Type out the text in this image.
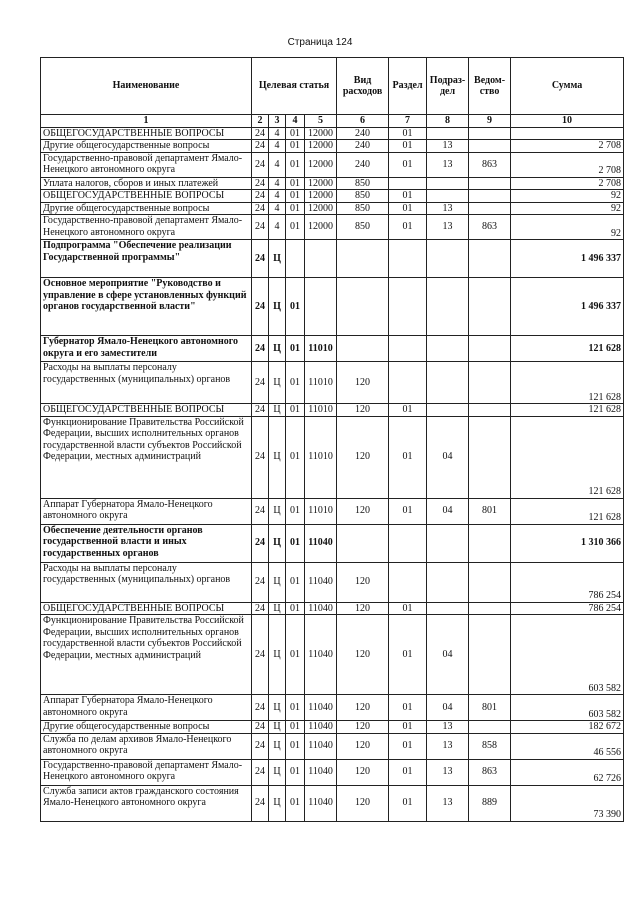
Страница 124
Наименование	Целевая статья				Вид расходов	Раздел	Подраз-дел	Ведом-ство	Сумма
1	2	3	4	5	6	7	8	9	10
ОБЩЕГОСУДАРСТВЕННЫЕ ВОПРОСЫ	24	4	01	12000	240	01			
Другие общегосударственные вопросы	24	4	01	12000	240	01	13		2 708
Государственно-правовой департамент Ямало-Ненецкого автономного округа	24	4	01	12000	240	01	13	863	2 708
Уплата налогов, сборов и иных платежей	24	4	01	12000	850				2 708
ОБЩЕГОСУДАРСТВЕННЫЕ ВОПРОСЫ	24	4	01	12000	850	01			92
Другие общегосударственные вопросы	24	4	01	12000	850	01	13		92
Государственно-правовой департамент Ямало-Ненецкого автономного округа	24	4	01	12000	850	01	13	863	92
Подпрограмма "Обеспечение реализации Государственной программы"	24	Ц							1 496 337
Основное мероприятие "Руководство и управление в сфере установленных функций органов государственной власти"	24	Ц	01						1 496 337
Губернатор Ямало-Ненецкого автономного округа и его заместители	24	Ц	01	11010					121 628
Расходы на выплаты персоналу государственных (муниципальных) органов	24	Ц	01	11010	120				121 628
ОБЩЕГОСУДАРСТВЕННЫЕ ВОПРОСЫ	24	Ц	01	11010	120	01			121 628
Функционирование Правительства Российской Федерации, высших исполнительных органов государственной власти субъектов Российской Федерации, местных администраций	24	Ц	01	11010	120	01	04		121 628
Аппарат Губернатора Ямало-Ненецкого автономного округа	24	Ц	01	11010	120	01	04	801	121 628
Обеспечение деятельности органов государственной власти и иных государственных органов	24	Ц	01	11040					1 310 366
Расходы на выплаты персоналу государственных (муниципальных) органов	24	Ц	01	11040	120				786 254
ОБЩЕГОСУДАРСТВЕННЫЕ ВОПРОСЫ	24	Ц	01	11040	120	01			786 254
Функционирование Правительства Российской Федерации, высших исполнительных органов государственной власти субъектов Российской Федерации, местных администраций	24	Ц	01	11040	120	01	04		603 582
Аппарат Губернатора Ямало-Ненецкого автономного округа	24	Ц	01	11040	120	01	04	801	603 582
Другие общегосударственные вопросы	24	Ц	01	11040	120	01	13		182 672
Служба по делам архивов Ямало-Ненецкого автономного округа	24	Ц	01	11040	120	01	13	858	46 556
Государственно-правовой департамент Ямало-Ненецкого автономного округа	24	Ц	01	11040	120	01	13	863	62 726
Служба записи актов гражданского состояния Ямало-Ненецкого автономного округа	24	Ц	01	11040	120	01	13	889	73 390
